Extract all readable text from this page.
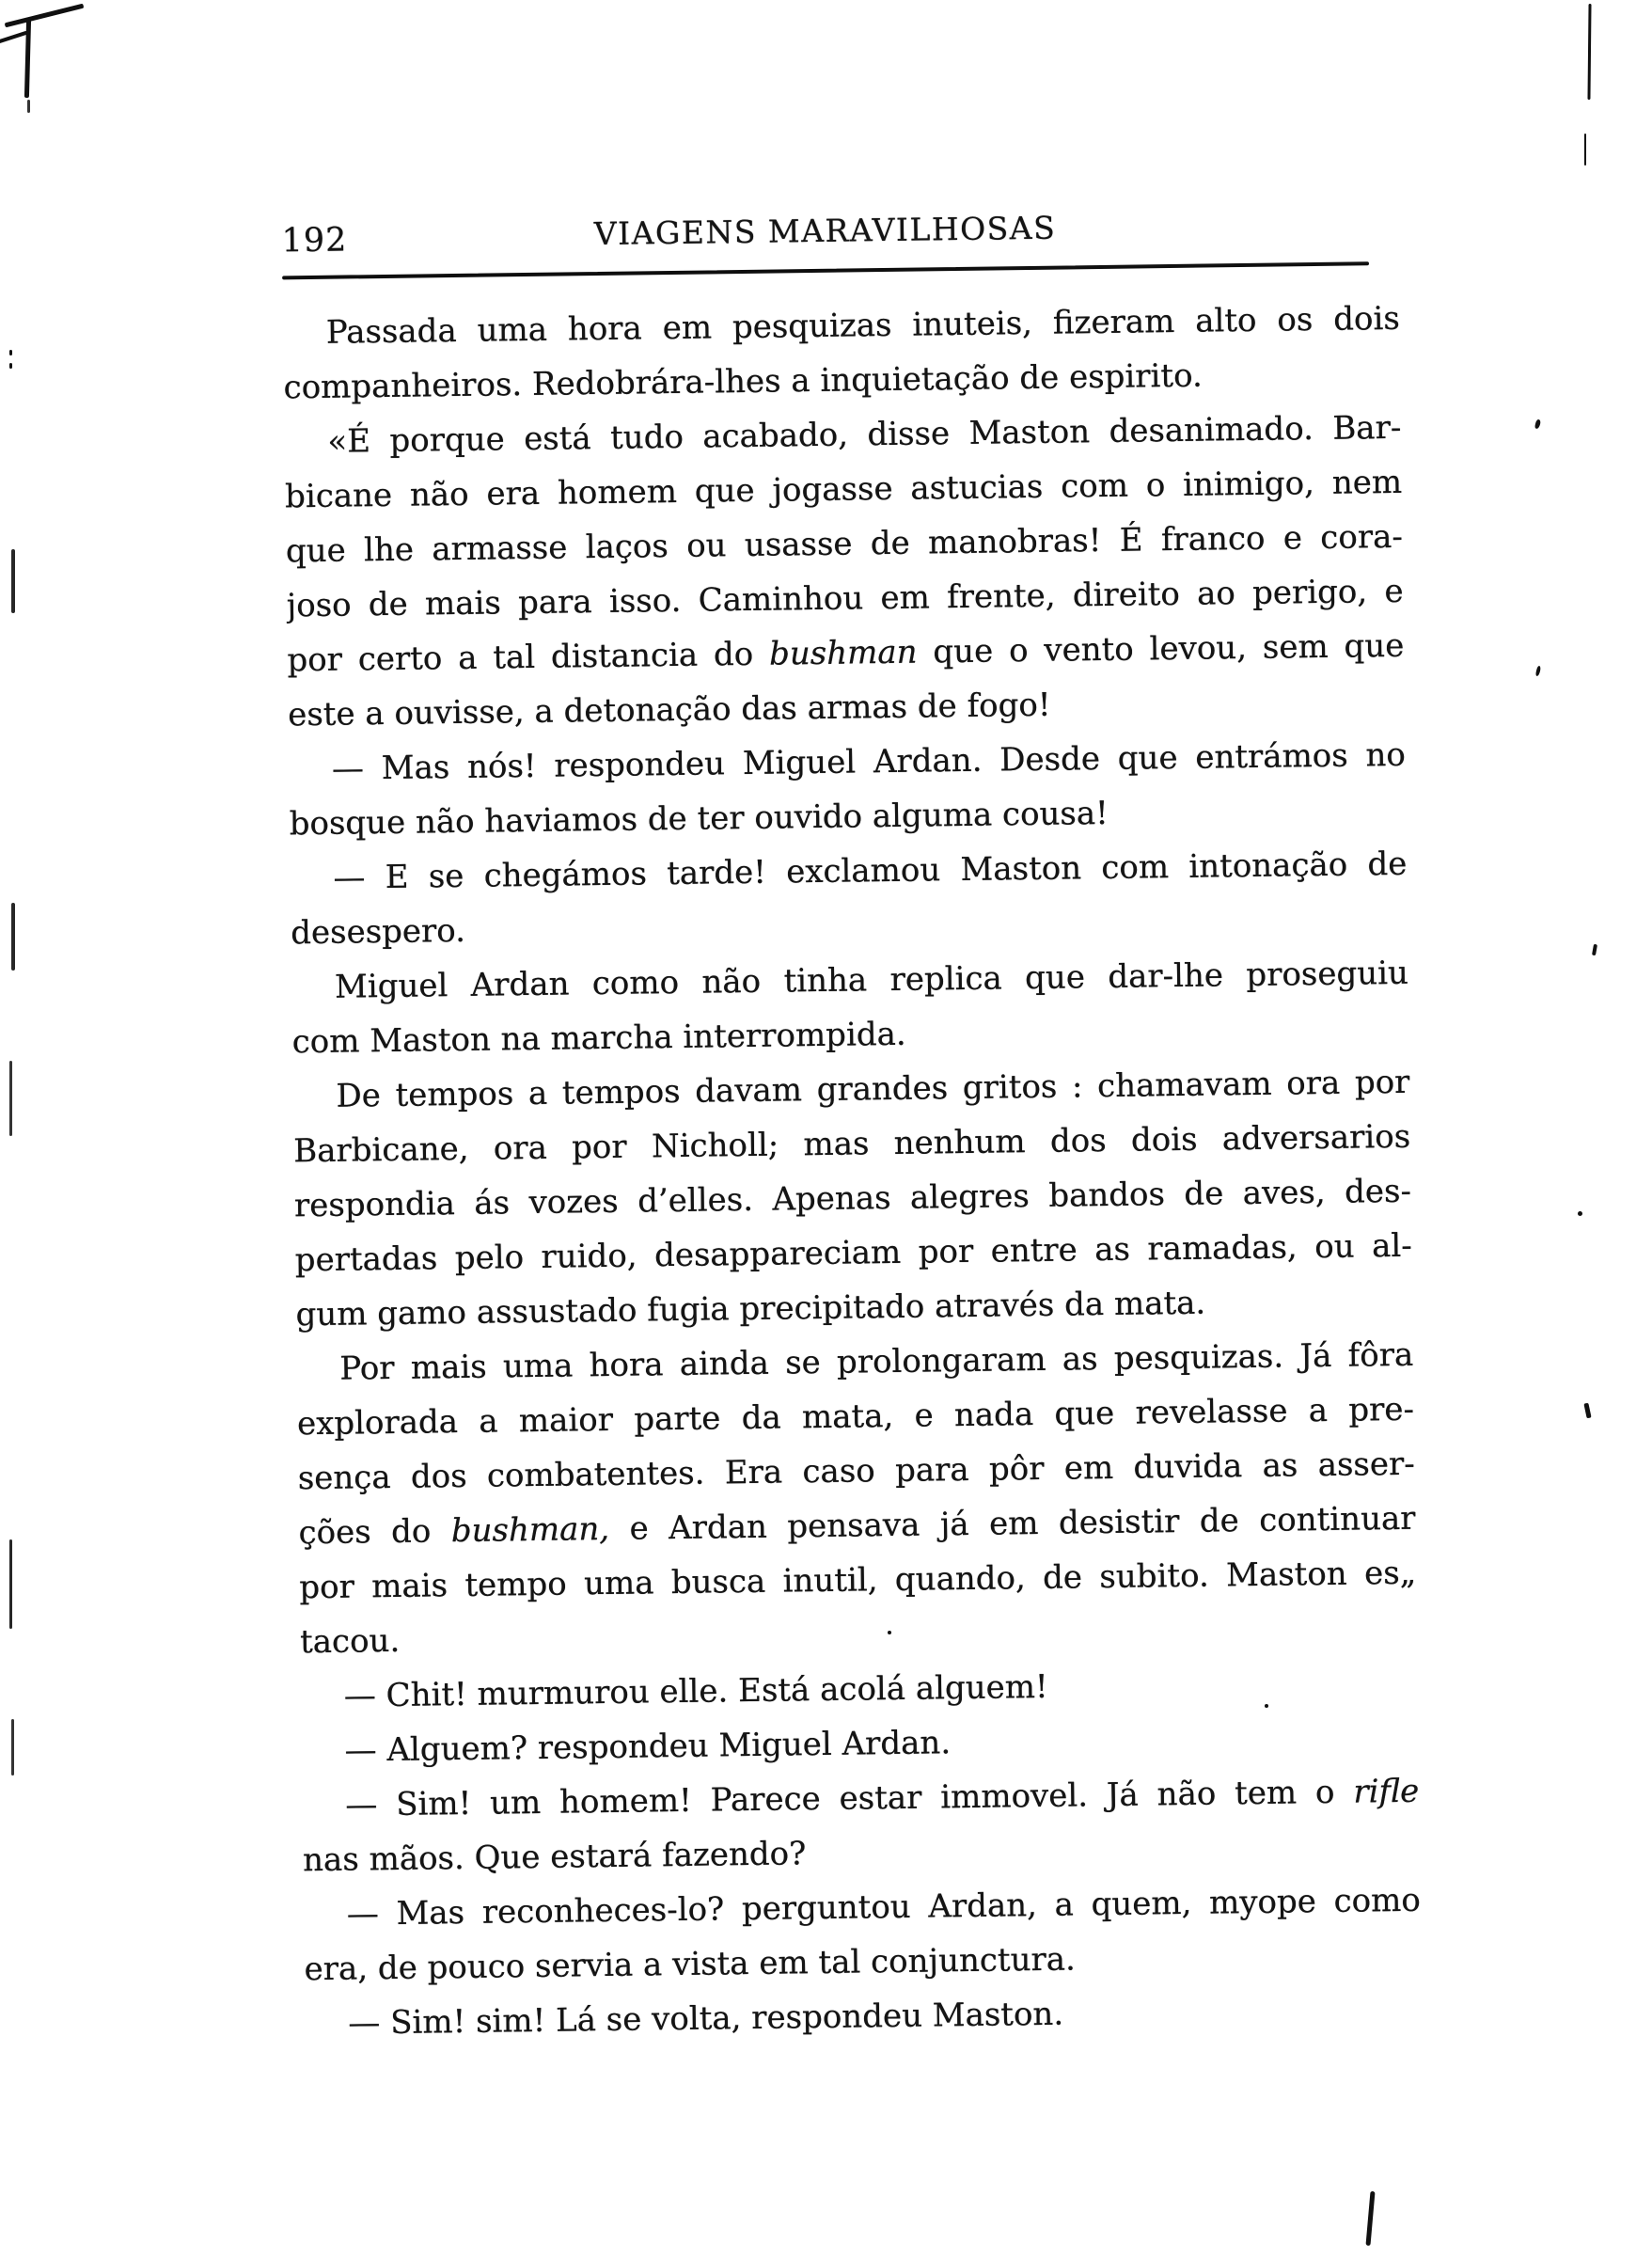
192	VIAGENS MARAVILHOSAS
Passada uma hora em pesquizas inuteis, fizeram alto os dois
companheiros. Redobrára-lhes a inquietação de espirito.
«É porque está tudo acabado, disse Maston desanimado. Bar-
bicane não era homem que jogasse astucias com o inimigo, nem
que lhe armasse laços ou usasse de manobras! É franco e cora-
joso de mais para isso. Caminhou em frente, direito ao perigo, e
por certo a tal distancia do bushman que o vento levou, sem que
este a ouvisse, a detonação das armas de fogo!
— Mas nós! respondeu Miguel Ardan. Desde que entrámos no
bosque não haviamos de ter ouvido alguma cousa!
— E se chegámos tarde! exclamou Maston com intonação de
desespero.
Miguel Ardan como não tinha replica que dar-lhe proseguiu
com Maston na marcha interrompida.
De tempos a tempos davam grandes gritos : chamavam ora por
Barbicane, ora por Nicholl; mas nenhum dos dois adversarios
respondia ás vozes d’elles. Apenas alegres bandos de aves, des-
pertadas pelo ruido, desappareciam por entre as ramadas, ou al-
gum gamo assustado fugia precipitado através da mata.
Por mais uma hora ainda se prolongaram as pesquizas. Já fôra
explorada a maior parte da mata, e nada que revelasse a pre-
sença dos combatentes. Era caso para pôr em duvida as asser-
ções do bushman, e Ardan pensava já em desistir de continuar
por mais tempo uma busca inutil, quando, de subito. Maston es„
tacou.
— Chit! murmurou elle. Está acolá alguem!
— Alguem? respondeu Miguel Ardan.
— Sim! um homem! Parece estar immovel. Já não tem o rifle
nas mãos. Que estará fazendo?
— Mas reconheces-lo? perguntou Ardan, a quem, myope como
era, de pouco servia a vista em tal conjunctura.
— Sim! sim! Lá se volta, respondeu Maston.
